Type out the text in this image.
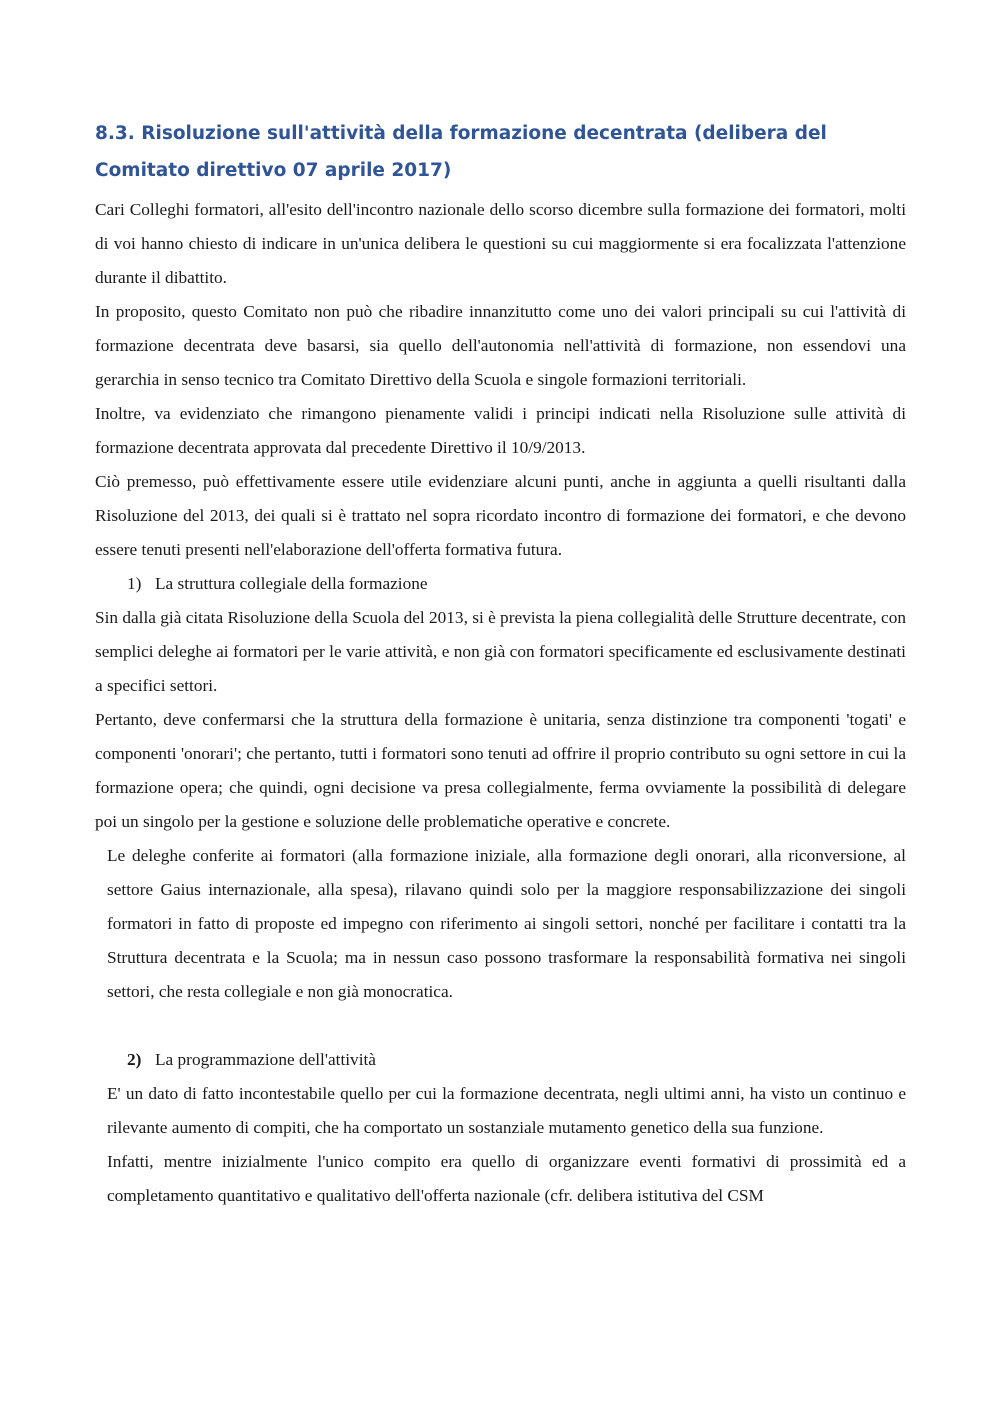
8.3. Risoluzione sull'attività della formazione decentrata (delibera del Comitato direttivo 07 aprile 2017)

Cari Colleghi formatori, all'esito dell'incontro nazionale dello scorso dicembre sulla formazione dei formatori, molti di voi hanno chiesto di indicare in un'unica delibera le questioni su cui maggiormente si era focalizzata l'attenzione durante il dibattito.

In proposito, questo Comitato non può che ribadire innanzitutto come uno dei valori principali su cui l'attività di formazione decentrata deve basarsi, sia quello dell'autonomia nell'attività di formazione, non essendovi una gerarchia in senso tecnico tra Comitato Direttivo della Scuola e singole formazioni territoriali.

Inoltre, va evidenziato che rimangono pienamente validi i principi indicati nella Risoluzione sulle attività di formazione decentrata approvata dal precedente Direttivo il 10/9/2013.

Ciò premesso, può effettivamente essere utile evidenziare alcuni punti, anche in aggiunta a quelli risultanti dalla Risoluzione del 2013, dei quali si è trattato nel sopra ricordato incontro di formazione dei formatori, e che devono essere tenuti presenti nell'elaborazione dell'offerta formativa futura.

1) La struttura collegiale della formazione

Sin dalla già citata Risoluzione della Scuola del 2013, si è prevista la piena collegialità delle Strutture decentrate, con semplici deleghe ai formatori per le varie attività, e non già con formatori specificamente ed esclusivamente destinati a specifici settori.

Pertanto, deve confermarsi che la struttura della formazione è unitaria, senza distinzione tra componenti 'togati' e componenti 'onorari'; che pertanto, tutti i formatori sono tenuti ad offrire il proprio contributo su ogni settore in cui la formazione opera; che quindi, ogni decisione va presa collegialmente, ferma ovviamente la possibilità di delegare poi un singolo per la gestione e soluzione delle problematiche operative e concrete.

Le deleghe conferite ai formatori (alla formazione iniziale, alla formazione degli onorari, alla riconversione, al settore Gaius internazionale, alla spesa), rilavano quindi solo per la maggiore responsabilizzazione dei singoli formatori in fatto di proposte ed impegno con riferimento ai singoli settori, nonché per facilitare i contatti tra la Struttura decentrata e la Scuola; ma in nessun caso possono trasformare la responsabilità formativa nei singoli settori, che resta collegiale e non già monocratica.

2) La programmazione dell'attività

E' un dato di fatto incontestabile quello per cui la formazione decentrata, negli ultimi anni, ha visto un continuo e rilevante aumento di compiti, che ha comportato un sostanziale mutamento genetico della sua funzione.

Infatti, mentre inizialmente l'unico compito era quello di organizzare eventi formativi di prossimità ed a completamento quantitativo e qualitativo dell'offerta nazionale (cfr. delibera istitutiva del CSM
